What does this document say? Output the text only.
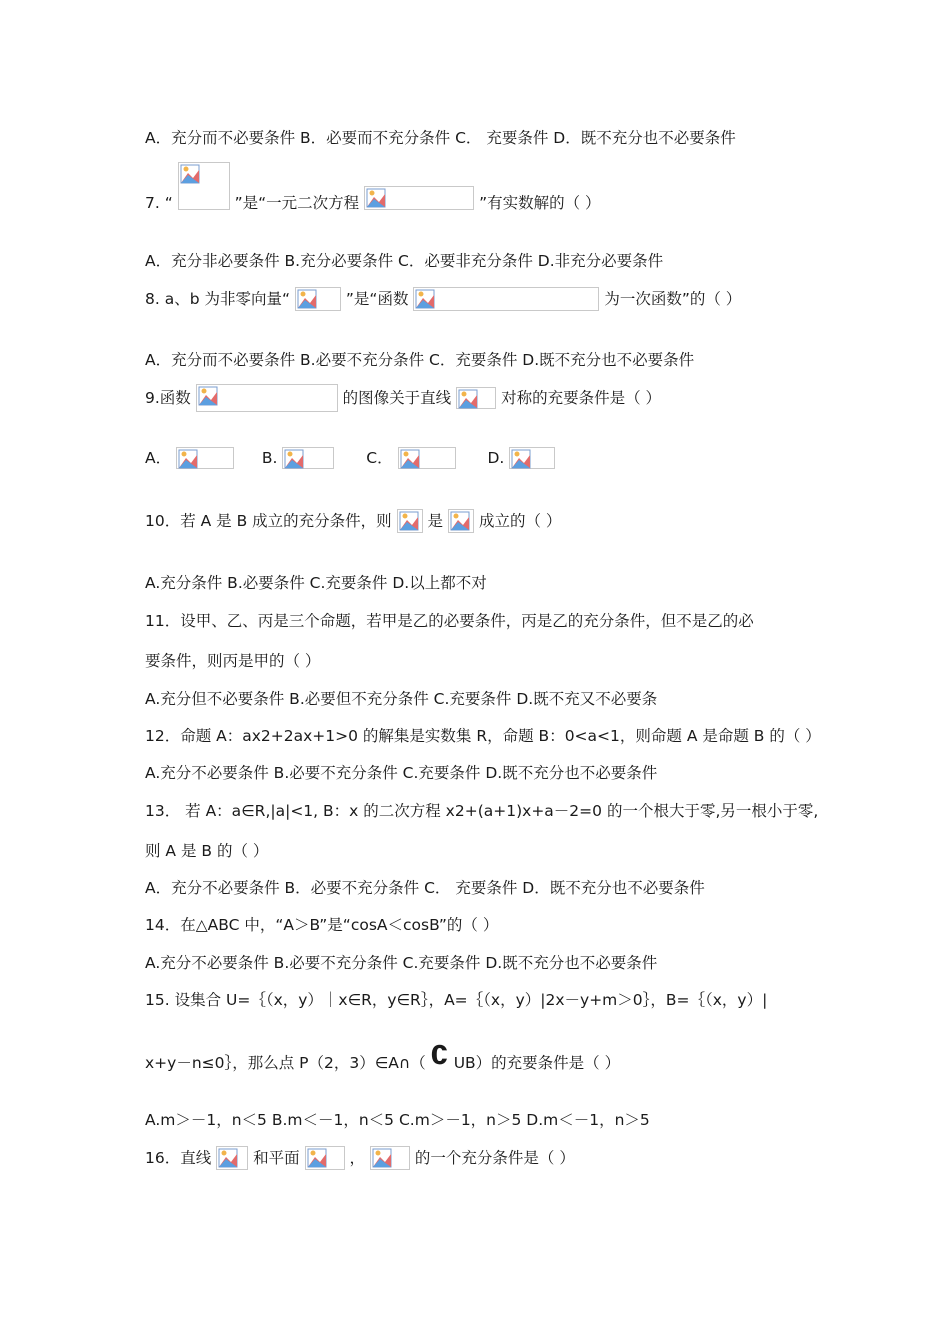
A．充分而不必要条件 B．必要而不充分条件 C． 充要条件 D．既不充分也不必要条件
7. “	”是“一元二次方程	”有实数解的（ ）
A．充分非必要条件 B.充分必要条件 C．必要非充分条件 D.非充分必要条件
8. a、b 为非零向量“	”是“函数	为一次函数”的（ ）
A．充分而不必要条件 B.必要不充分条件 C．充要条件 D.既不充分也不必要条件
9.函数	的图像关于直线	对称的充要条件是（ ）
A．	B.	C．	D.
10．若 A 是 B 成立的充分条件，则 是 成立的（ ）
A.充分条件 B.必要条件 C.充要条件 D.以上都不对
11．设甲、乙、丙是三个命题，若甲是乙的必要条件，丙是乙的充分条件，但不是乙的必
要条件，则丙是甲的（ ）
A.充分但不必要条件 B.必要但不充分条件 C.充要条件 D.既不充又不必要条
12．命题 A：ax2+2ax+1>0 的解集是实数集 R，命题 B：0<a<1，则命题 A 是命题 B 的（ ）
A.充分不必要条件 B.必要不充分条件 C.充要条件 D.既不充分也不必要条件
13． 若 A：a∈R,|a|<1, B：x 的二次方程 x2+(a+1)x+a－2=0 的一个根大于零,另一根小于零,
则 A 是 B 的（ ）
A．充分不必要条件 B．必要不充分条件 C． 充要条件 D．既不充分也不必要条件
14．在△ABC 中，“A＞B”是“cosA＜cosB”的（ ）
A.充分不必要条件 B.必要不充分条件 C.充要条件 D.既不充分也不必要条件
15. 设集合 U=｛（x，y）｜x∈R，y∈R｝，A=｛（x，y）|2x－y+m＞0｝，B=｛（x，y）|
x+y－n≤0｝，那么点 P（2，3）∈A∩（ ∁ UB）的充要条件是（ ）
A.m＞－1，n＜5 B.m＜－1，n＜5 C.m＞－1，n＞5 D.m＜－1，n＞5
16．直线	和平面	，	的一个充分条件是（ ）
